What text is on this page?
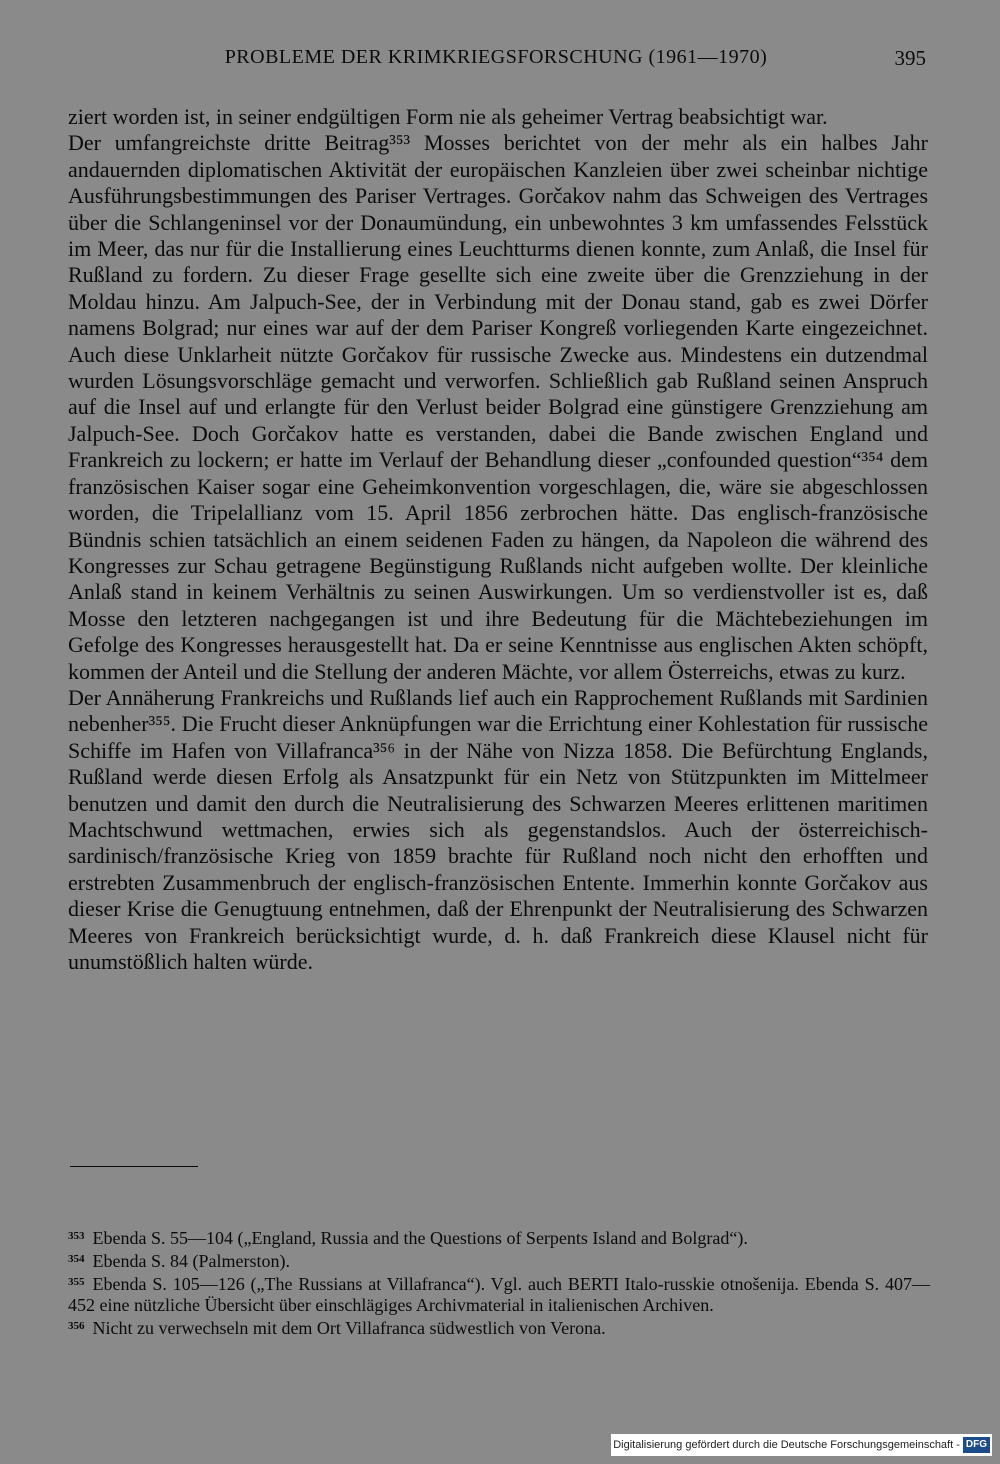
PROBLEME DER KRIMKRIEGSFORSCHUNG (1961—1970)	395

ziert worden ist, in seiner endgültigen Form nie als geheimer Vertrag beabsichtigt war.

Der umfangreichste dritte Beitrag³⁵³ Mosses berichtet von der mehr als ein halbes Jahr andauernden diplomatischen Aktivität der europäischen Kanzleien über zwei scheinbar nichtige Ausführungsbestimmungen des Pariser Vertrages. Gorčakov nahm das Schweigen des Vertrages über die Schlangeninsel vor der Donaumündung, ein unbewohntes 3 km umfassendes Felsstück im Meer, das nur für die Installierung eines Leuchtturms dienen konnte, zum Anlaß, die Insel für Rußland zu fordern. Zu dieser Frage gesellte sich eine zweite über die Grenzziehung in der Moldau hinzu. Am Jalpuch-See, der in Verbindung mit der Donau stand, gab es zwei Dörfer namens Bolgrad; nur eines war auf der dem Pariser Kongreß vorliegenden Karte eingezeichnet. Auch diese Unklarheit nützte Gorčakov für russische Zwecke aus. Mindestens ein dutzendmal wurden Lösungsvorschläge gemacht und verworfen. Schließlich gab Rußland seinen Anspruch auf die Insel auf und erlangte für den Verlust beider Bolgrad eine günstigere Grenzziehung am Jalpuch-See. Doch Gorčakov hatte es verstanden, dabei die Bande zwischen England und Frankreich zu lockern; er hatte im Verlauf der Behandlung dieser „confounded question“³⁵⁴ dem französischen Kaiser sogar eine Geheimkonvention vorgeschlagen, die, wäre sie abgeschlossen worden, die Tripelallianz vom 15. April 1856 zerbrochen hätte. Das englisch-französische Bündnis schien tatsächlich an einem seidenen Faden zu hängen, da Napoleon die während des Kongresses zur Schau getragene Begünstigung Rußlands nicht aufgeben wollte. Der kleinliche Anlaß stand in keinem Verhältnis zu seinen Auswirkungen. Um so verdienstvoller ist es, daß Mosse den letzteren nachgegangen ist und ihre Bedeutung für die Mächtebeziehungen im Gefolge des Kongresses herausgestellt hat. Da er seine Kenntnisse aus englischen Akten schöpft, kommen der Anteil und die Stellung der anderen Mächte, vor allem Österreichs, etwas zu kurz.

Der Annäherung Frankreichs und Rußlands lief auch ein Rapprochement Rußlands mit Sardinien nebenher³⁵⁵. Die Frucht dieser Anknüpfungen war die Errichtung einer Kohlestation für russische Schiffe im Hafen von Villafranca³⁵⁶ in der Nähe von Nizza 1858. Die Befürchtung Englands, Rußland werde diesen Erfolg als Ansatzpunkt für ein Netz von Stützpunkten im Mittelmeer benutzen und damit den durch die Neutralisierung des Schwarzen Meeres erlittenen maritimen Machtschwund wettmachen, erwies sich als gegenstandslos. Auch der österreichisch-sardinisch/französische Krieg von 1859 brachte für Rußland noch nicht den erhofften und erstrebten Zusammenbruch der englisch-französischen Entente. Immerhin konnte Gorčakov aus dieser Krise die Genugtuung entnehmen, daß der Ehrenpunkt der Neutralisierung des Schwarzen Meeres von Frankreich berücksichtigt wurde, d. h. daß Frankreich diese Klausel nicht für unumstößlich halten würde.

$^{353}$ Ebenda S. 55—104 („England, Russia and the Questions of Serpents Island and Bolgrad“).

$^{354}$ Ebenda S. 84 (Palmerston).

$^{355}$ Ebenda S. 105—126 („The Russians at Villafranca“). Vgl. auch BERTI Italo-russkie otnošenija. Ebenda S. 407—452 eine nützliche Übersicht über einschlägiges Archivmaterial in italienischen Archiven.

$^{356}$ Nicht zu verwechseln mit dem Ort Villafranca südwestlich von Verona.

Digitalisierung gefördert durch die Deutsche Forschungsgemeinschaft - DFG
